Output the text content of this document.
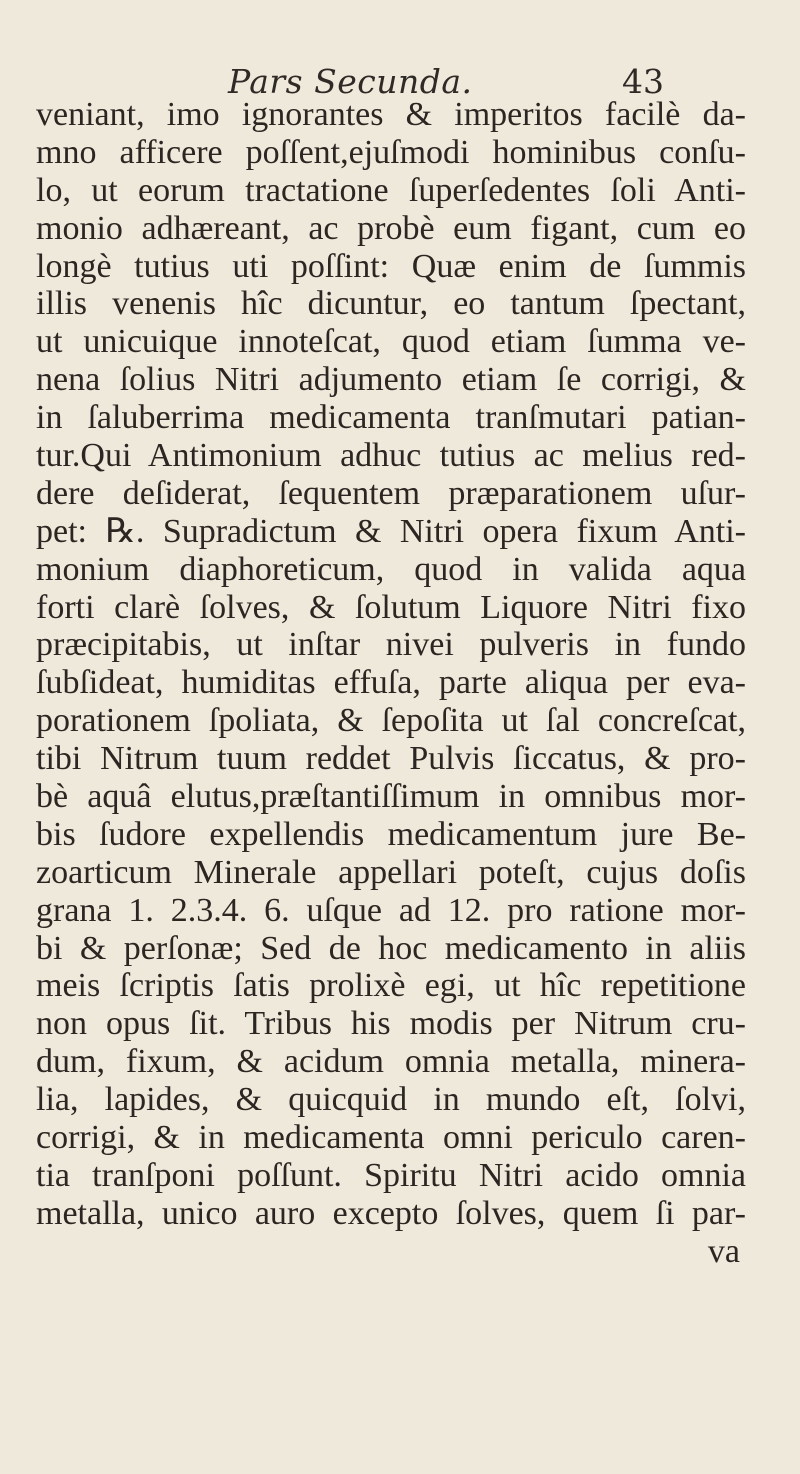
Pars Secunda.	43
veniant, imo ignorantes & imperitos facilè da-
mno afficere poſſent,ejuſmodi hominibus conſu-
lo, ut eorum tractatione ſuperſedentes ſoli Anti-
monio adhæreant, ac probè eum figant, cum eo
longè tutius uti poſſint: Quæ enim de ſummis
illis venenis hîc dicuntur, eo tantum ſpectant,
ut unicuique innoteſcat, quod etiam ſumma ve-
nena ſolius Nitri adjumento etiam ſe corrigi, &
in ſaluberrima medicamenta tranſmutari patian-
tur.Qui Antimonium adhuc tutius ac melius red-
dere deſiderat, ſequentem præparationem uſur-
pet: ℞. Supradictum & Nitri opera fixum Anti-
monium diaphoreticum, quod in valida aqua
forti clarè ſolves, & ſolutum Liquore Nitri fixo
præcipitabis, ut inſtar nivei pulveris in fundo
ſubſideat, humiditas effuſa, parte aliqua per eva-
porationem ſpoliata, & ſepoſita ut ſal concreſcat,
tibi Nitrum tuum reddet Pulvis ſiccatus, & pro-
bè aquâ elutus,præſtantiſſimum in omnibus mor-
bis ſudore expellendis medicamentum jure Be-
zoarticum Minerale appellari poteſt, cujus doſis
grana 1. 2.3.4. 6. uſque ad 12. pro ratione mor-
bi & perſonæ; Sed de hoc medicamento in aliis
meis ſcriptis ſatis prolixè egi, ut hîc repetitione
non opus ſit. Tribus his modis per Nitrum cru-
dum, fixum, & acidum omnia metalla, minera-
lia, lapides, & quicquid in mundo eſt, ſolvi,
corrigi, & in medicamenta omni periculo caren-
tia tranſponi poſſunt. Spiritu Nitri acido omnia
metalla, unico auro excepto ſolves, quem ſi par-
va
